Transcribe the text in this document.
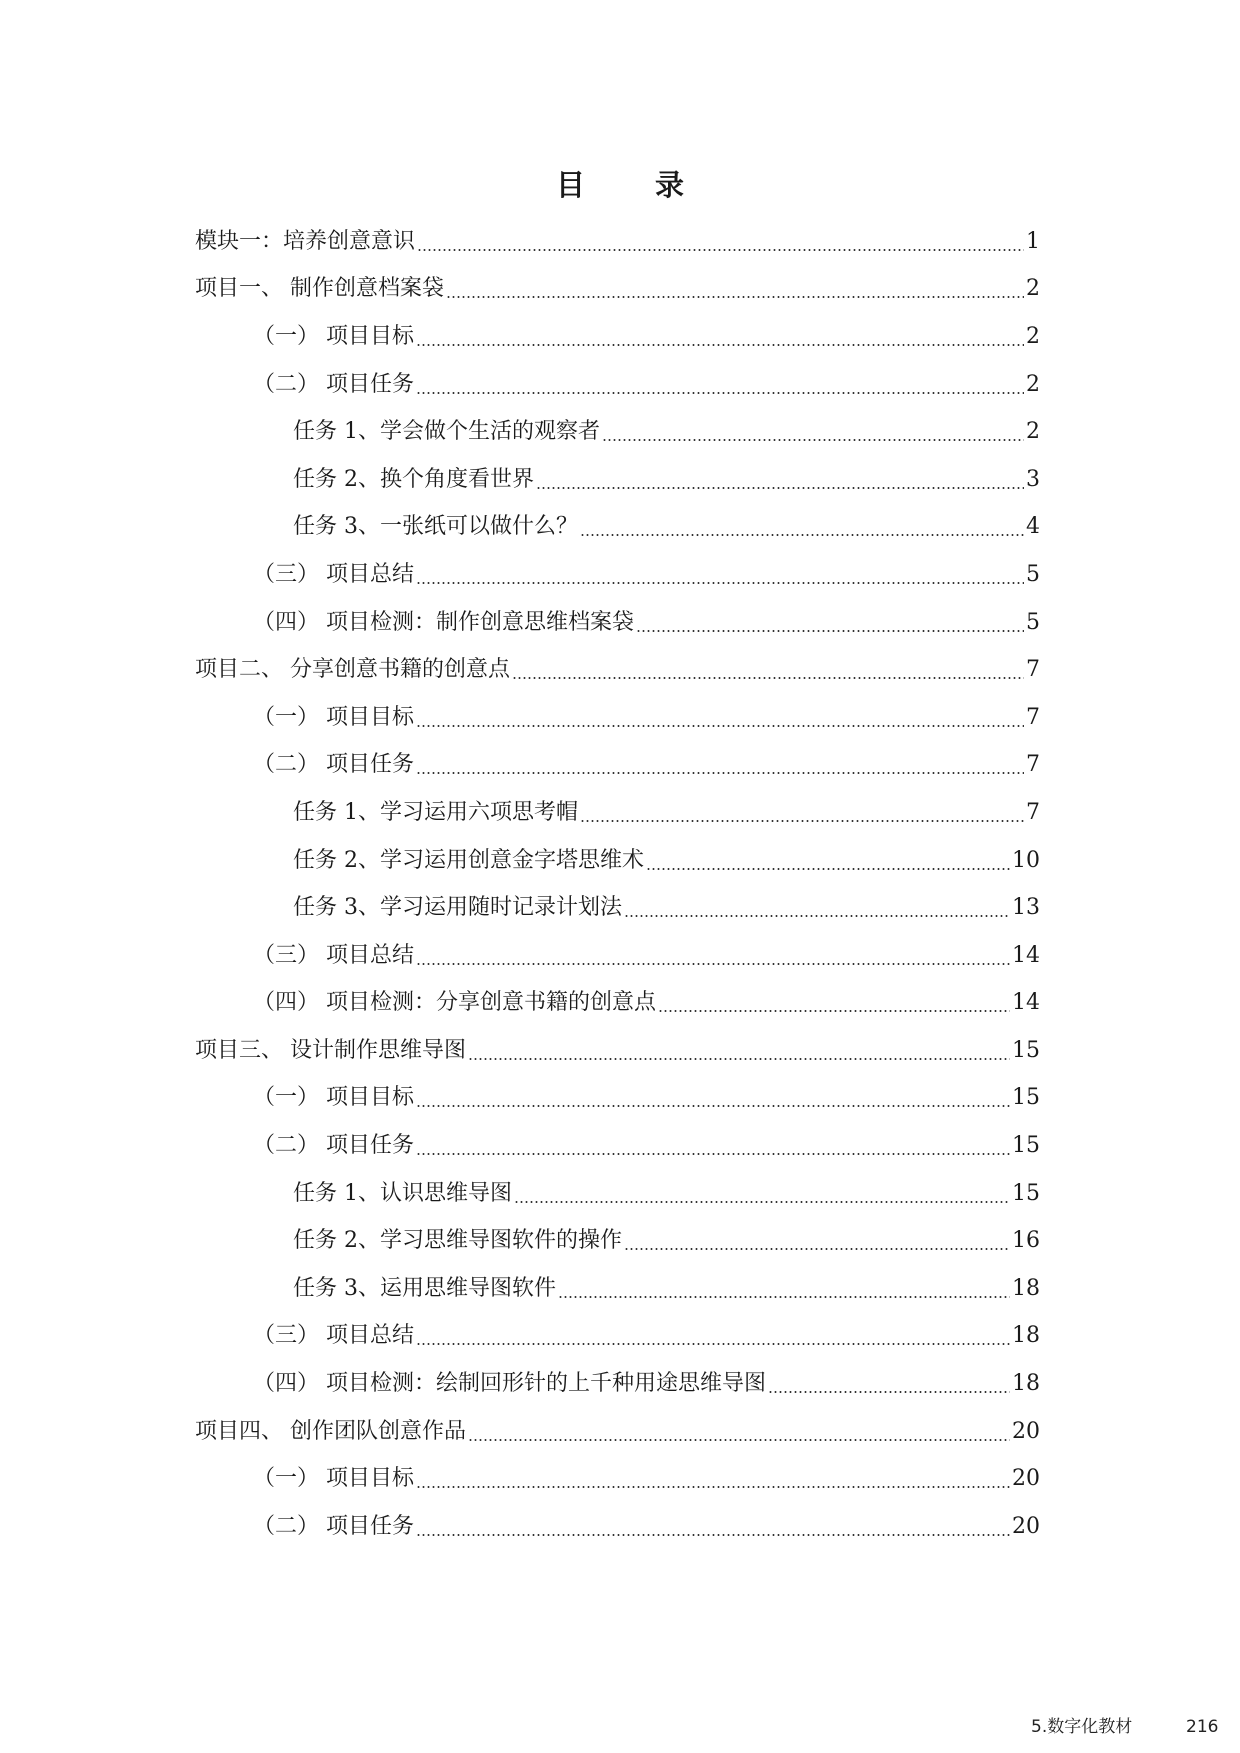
目 录
模块一：培养创意意识	1
项目一、 制作创意档案袋	2
（一） 项目目标	2
（二） 项目任务	2
任务 1、学会做个生活的观察者	2
任务 2、换个角度看世界	3
任务 3、一张纸可以做什么？	4
（三） 项目总结	5
（四） 项目检测：制作创意思维档案袋	5
项目二、 分享创意书籍的创意点	7
（一） 项目目标	7
（二） 项目任务	7
任务 1、学习运用六项思考帽	7
任务 2、学习运用创意金字塔思维术	10
任务 3、学习运用随时记录计划法	13
（三） 项目总结	14
（四） 项目检测：分享创意书籍的创意点	14
项目三、 设计制作思维导图	15
（一） 项目目标	15
（二） 项目任务	15
任务 1、认识思维导图	15
任务 2、学习思维导图软件的操作	16
任务 3、运用思维导图软件	18
（三） 项目总结	18
（四） 项目检测：绘制回形针的上千种用途思维导图	18
项目四、 创作团队创意作品	20
（一） 项目目标	20
（二） 项目任务	20
5.数字化教材	216
